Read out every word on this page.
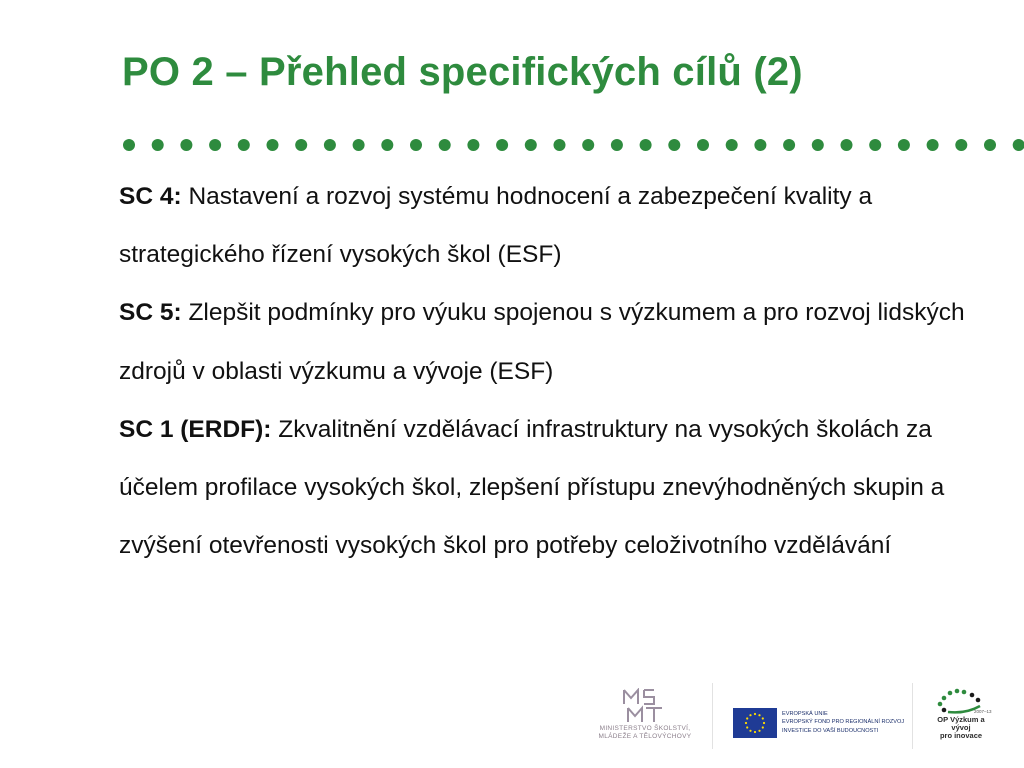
PO 2 – Přehled specifických cílů (2)

SC 4: Nastavení a rozvoj systému hodnocení a zabezpečení kvality a strategického řízení vysokých škol (ESF)

SC 5: Zlepšit podmínky pro výuku spojenou s výzkumem a pro rozvoj lidských zdrojů v oblasti výzkumu a vývoje (ESF)

SC 1 (ERDF): Zkvalitnění vzdělávací infrastruktury na vysokých školách za účelem profilace vysokých škol, zlepšení přístupu znevýhodněných skupin a zvýšení otevřenosti vysokých škol pro potřeby celoživotního vzdělávání

MINISTERSTVO ŠKOLSTVÍ,
MLÁDEŽE A TĚLOVÝCHOVY
EVROPSKÁ UNIE
EVROPSKÝ FOND PRO REGIONÁLNÍ ROZVOJ
INVESTICE DO VAŠÍ BUDOUCNOSTI
2007–13
OP Výzkum a vývoj
pro inovace
